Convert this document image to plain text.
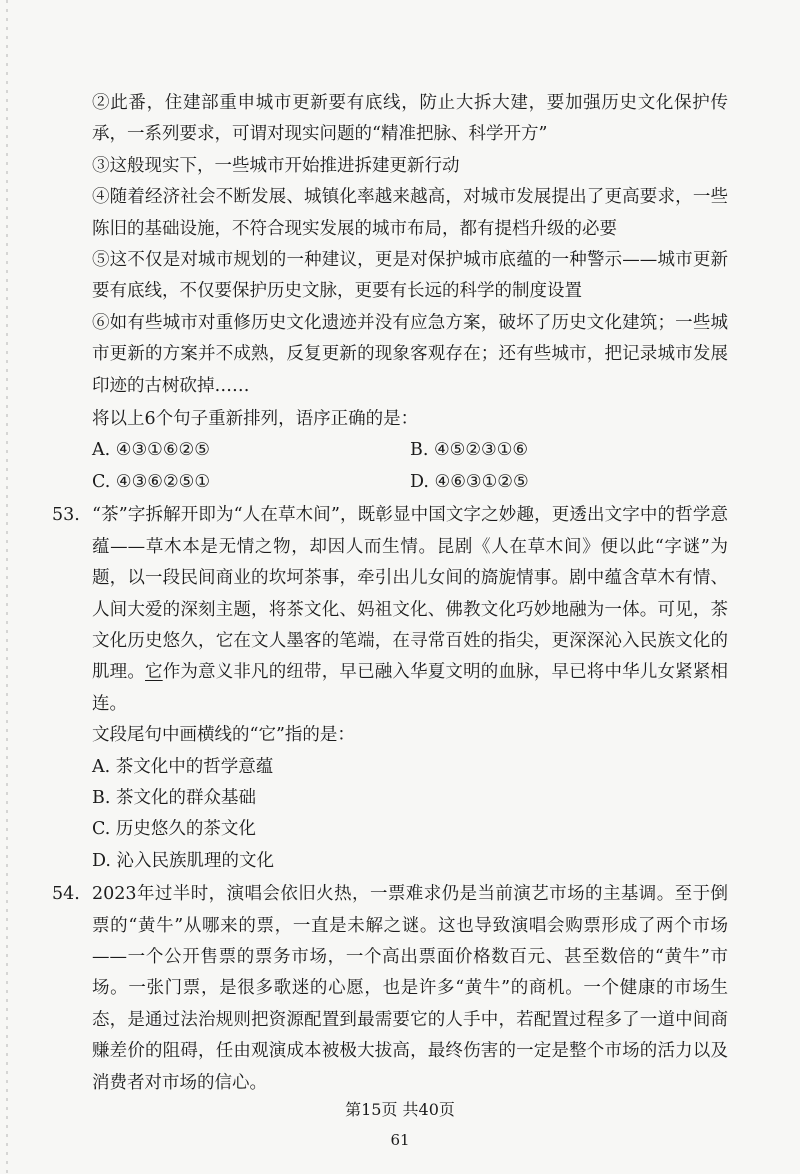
②此番，住建部重申城市更新要有底线，防止大拆大建，要加强历史文化保护传承，一系列要求，可谓对现实问题的“精准把脉、科学开方”

③这般现实下，一些城市开始推进拆建更新行动

④随着经济社会不断发展、城镇化率越来越高，对城市发展提出了更高要求，一些陈旧的基础设施，不符合现实发展的城市布局，都有提档升级的必要

⑤这不仅是对城市规划的一种建议，更是对保护城市底蕴的一种警示——城市更新要有底线，不仅要保护历史文脉，更要有长远的科学的制度设置

⑥如有些城市对重修历史文化遗迹并没有应急方案，破坏了历史文化建筑；一些城市更新的方案并不成熟，反复更新的现象客观存在；还有些城市，把记录城市发展印迹的古树砍掉……

将以上6个句子重新排列，语序正确的是：

A. ④③①⑥②⑤	B. ④⑤②③①⑥
C. ④③⑥②⑤①	D. ④⑥③①②⑤
53. “茶”字拆解开即为“人在草木间”，既彰显中国文字之妙趣，更透出文字中的哲学意蕴——草木本是无情之物，却因人而生情。昆剧《人在草木间》便以此“字谜”为题，以一段民间商业的坎坷茶事，牵引出儿女间的旖旎情事。剧中蕴含草木有情、人间大爱的深刻主题，将茶文化、妈祖文化、佛教文化巧妙地融为一体。可见，茶文化历史悠久，它在文人墨客的笔端，在寻常百姓的指尖，更深深沁入民族文化的肌理。它作为意义非凡的纽带，早已融入华夏文明的血脉，早已将中华儿女紧紧相连。

文段尾句中画横线的“它”指的是：

A. 茶文化中的哲学意蕴
B. 茶文化的群众基础
C. 历史悠久的茶文化
D. 沁入民族肌理的文化
54. 2023年过半时，演唱会依旧火热，一票难求仍是当前演艺市场的主基调。至于倒票的“黄牛”从哪来的票，一直是未解之谜。这也导致演唱会购票形成了两个市场——一个公开售票的票务市场，一个高出票面价格数百元、甚至数倍的“黄牛”市场。一张门票，是很多歌迷的心愿，也是许多“黄牛”的商机。一个健康的市场生态，是通过法治规则把资源配置到最需要它的人手中，若配置过程多了一道中间商赚差价的阻碍，任由观演成本被极大拔高，最终伤害的一定是整个市场的活力以及消费者对市场的信心。

第15页 共40页
61
